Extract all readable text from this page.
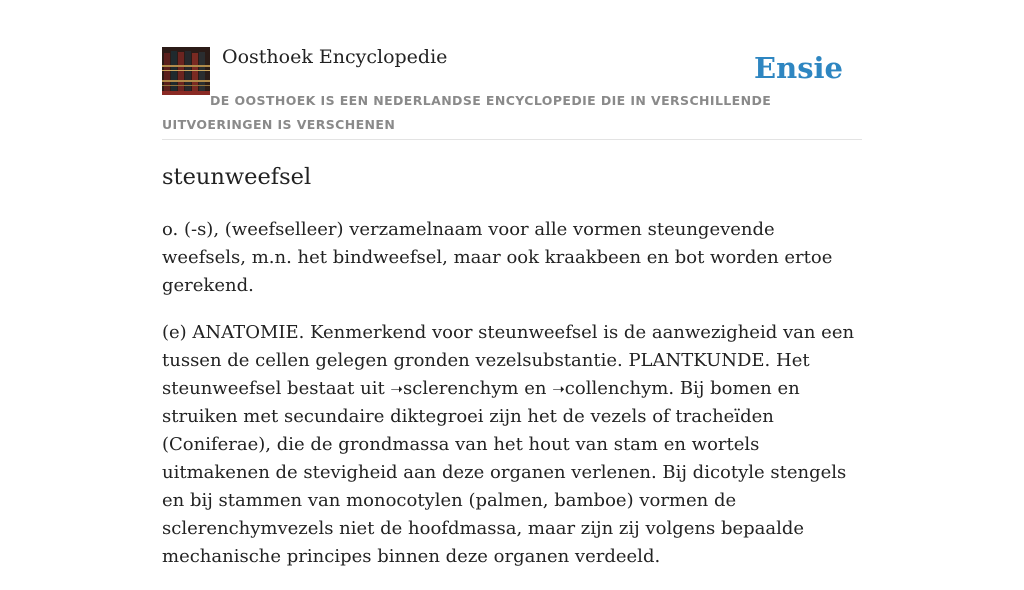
Oosthoek Encyclopedie	Ensie
DE OOSTHOEK IS EEN NEDERLANDSE ENCYCLOPEDIE DIE IN VERSCHILLENDE UITVOERINGEN IS VERSCHENEN
steunweefsel

o. (-s), (weefselleer) verzamelnaam voor alle vormen steungevende weefsels, m.n. het bindweefsel, maar ook kraakbeen en bot worden ertoe gerekend.

(e) ANATOMIE. Kenmerkend voor steunweefsel is de aanwezigheid van een tussen de cellen gelegen gronden vezelsubstantie. PLANTKUNDE. Het steunweefsel bestaat uit ➝sclerenchym en ➝collenchym. Bij bomen en struiken met secundaire diktegroei zijn het de vezels of tracheïden (Coniferae), die de grondmassa van het hout van stam en wortels uitmakenen de stevigheid aan deze organen verlenen. Bij dicotyle stengels en bij stammen van monocotylen (palmen, bamboe) vormen de sclerenchymvezels niet de hoofdmassa, maar zijn zij volgens bepaalde mechanische principes binnen deze organen verdeeld.
